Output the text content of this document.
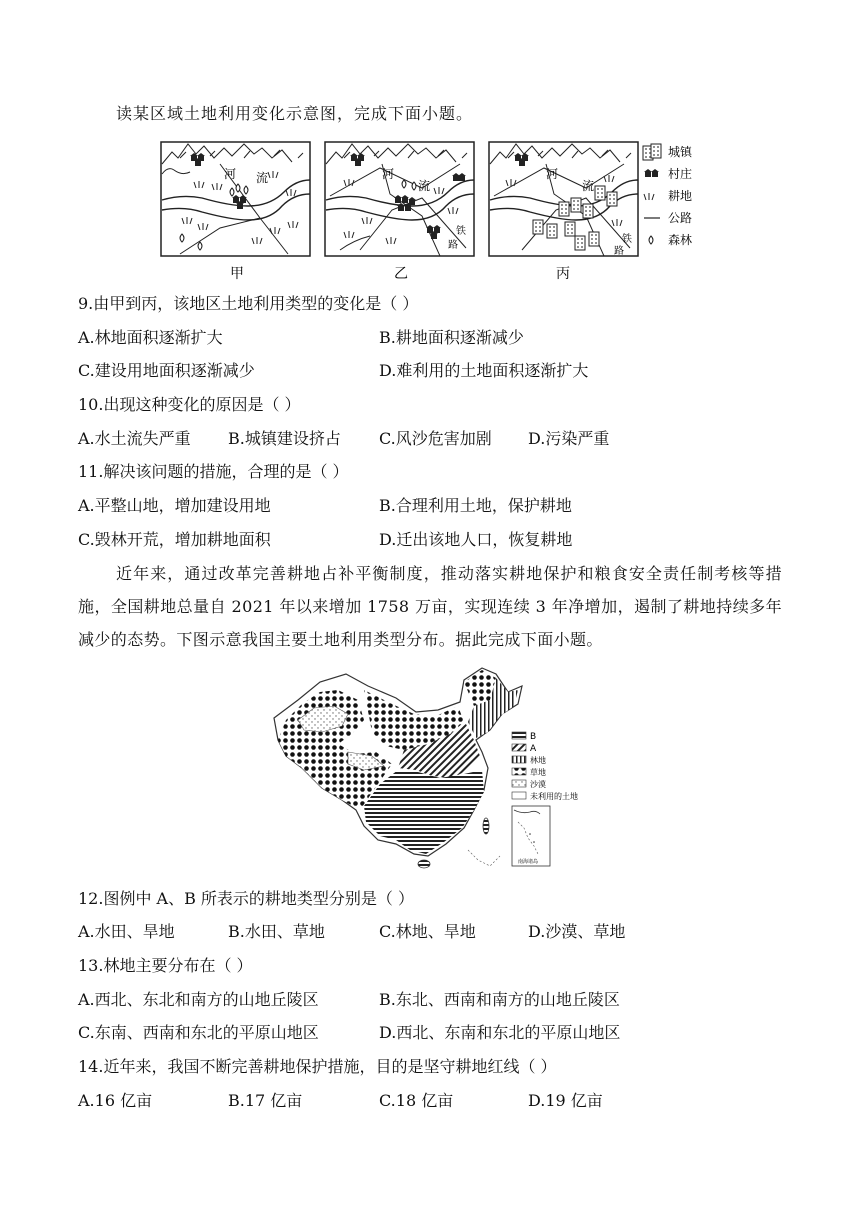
读某区域土地利用变化示意图，完成下面小题。
河 流	河
流
铁
路
河
流
铁
路
甲	乙	丙
城镇
村庄
耕地
公路
森林
9.由甲到丙，该地区土地利用类型的变化是（ ）
A.林地面积逐渐扩大	B.耕地面积逐渐减少
C.建设用地面积逐渐减少	D.难利用的土地面积逐渐扩大
10.出现这种变化的原因是（ ）
A.水土流失严重 B.城镇建设挤占 C.风沙危害加剧 D.污染严重
11.解决该问题的措施，合理的是（ ）
A.平整山地，增加建设用地	B.合理利用土地，保护耕地
C.毁林开荒，增加耕地面积	D.迁出该地人口，恢复耕地
近年来，通过改革完善耕地占补平衡制度，推动落实耕地保护和粮食安全责任制考核等措施，全国耕地总量自 2021 年以来增加 1758 万亩，实现连续 3 年净增加，遏制了耕地持续多年减少的态势。下图示意我国主要土地利用类型分布。据此完成下面小题。
B
A
林地
草地
沙漠
未利用的土地
南海诸岛
12.图例中 A、B 所表示的耕地类型分别是（ ）
A.水田、旱地	B.水田、草地	C.林地、旱地	D.沙漠、草地
13.林地主要分布在（ ）
A.西北、东北和南方的山地丘陵区	B.东北、西南和南方的山地丘陵区
C.东南、西南和东北的平原山地区	D.西北、东南和东北的平原山地区
14.近年来，我国不断完善耕地保护措施，目的是坚守耕地红线（ ）
A.16 亿亩	B.17 亿亩	C.18 亿亩	D.19 亿亩
